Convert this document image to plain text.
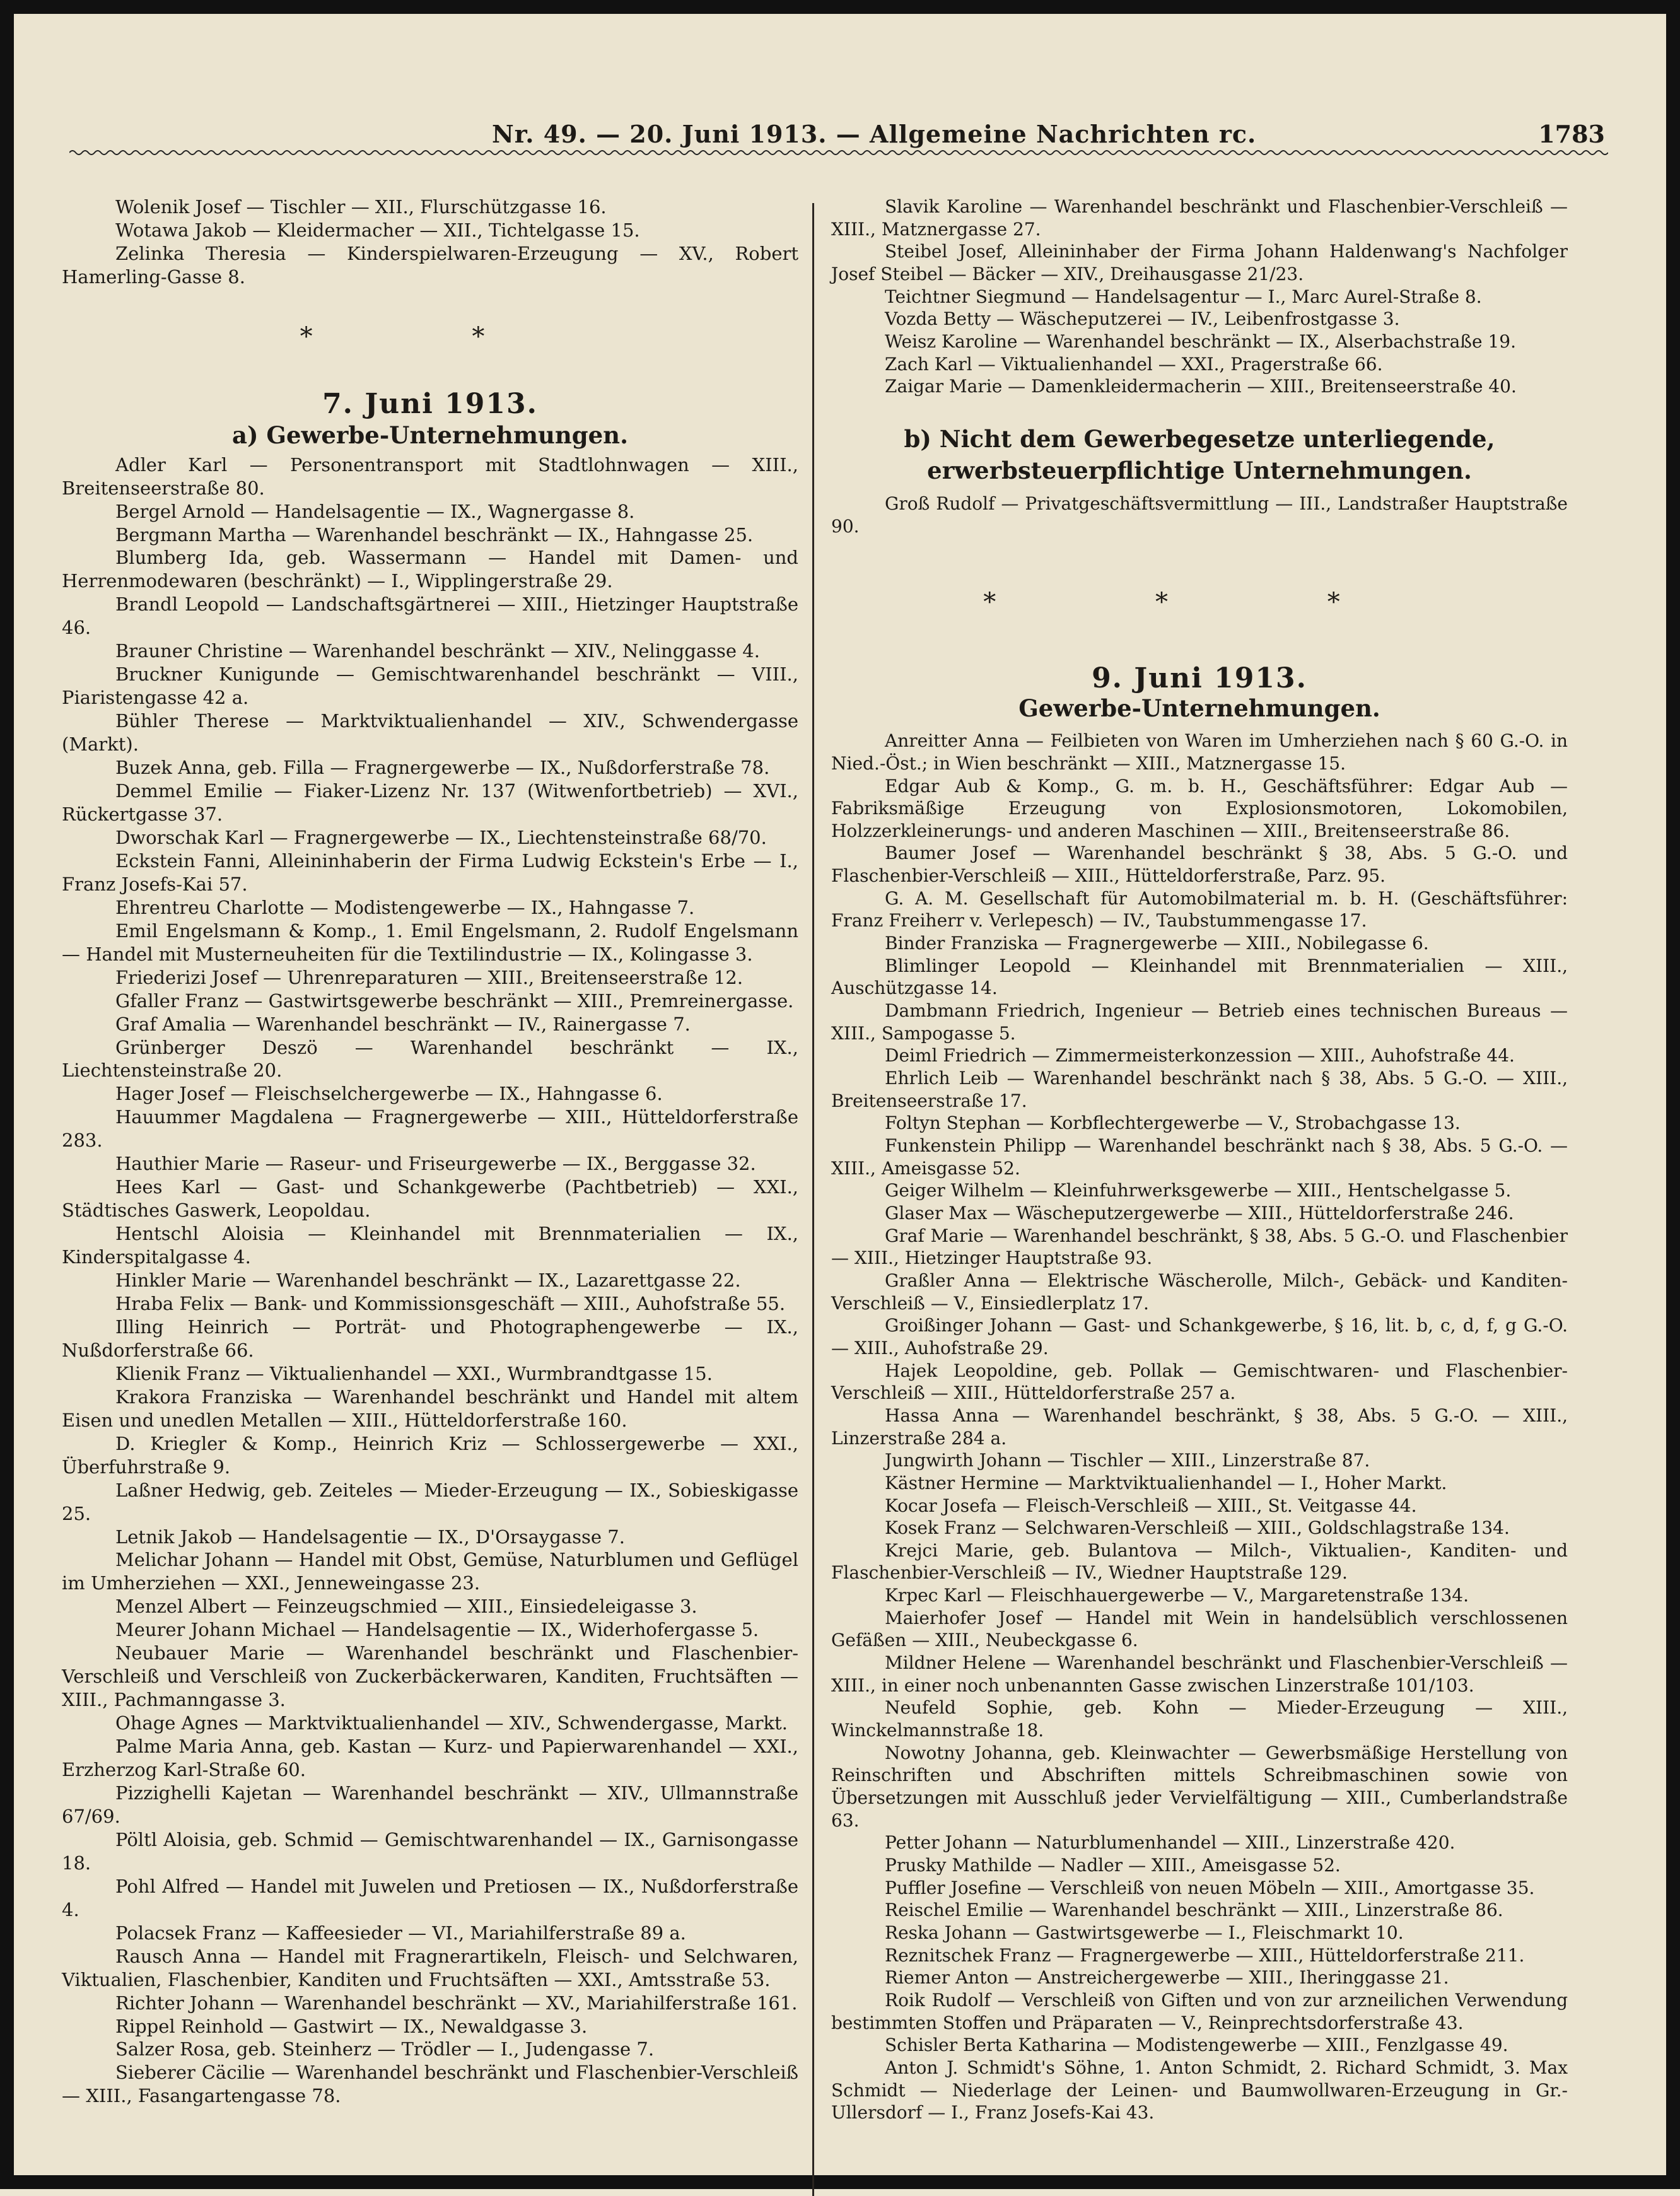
Nr. 49. — 20. Juni 1913. — Allgemeine Nachrichten rc.	1783

Wolenik Josef — Tischler — XII., Flurschützgasse 16.

Wotawa Jakob — Kleidermacher — XII., Tichtelgasse 15.

Zelinka Theresia — Kinderspielwaren-Erzeugung — XV., Robert Hamerling-Gasse 8.

* *

7. Juni 1913.

a) Gewerbe-Unternehmungen.

Adler Karl — Personentransport mit Stadtlohnwagen — XIII., Breitenseerstraße 80.

Bergel Arnold — Handelsagentie — IX., Wagnergasse 8.

Bergmann Martha — Warenhandel beschränkt — IX., Hahngasse 25.

Blumberg Ida, geb. Wassermann — Handel mit Damen- und Herrenmodewaren (beschränkt) — I., Wipplingerstraße 29.

Brandl Leopold — Landschaftsgärtnerei — XIII., Hietzinger Hauptstraße 46.

Brauner Christine — Warenhandel beschränkt — XIV., Nelinggasse 4.

Bruckner Kunigunde — Gemischtwarenhandel beschränkt — VIII., Piaristengasse 42 a.

Bühler Therese — Marktviktualienhandel — XIV., Schwendergasse (Markt).

Buzek Anna, geb. Filla — Fragnergewerbe — IX., Nußdorferstraße 78.

Demmel Emilie — Fiaker-Lizenz Nr. 137 (Witwenfortbetrieb) — XVI., Rückertgasse 37.

Dworschak Karl — Fragnergewerbe — IX., Liechtensteinstraße 68/70.

Eckstein Fanni, Alleininhaberin der Firma Ludwig Eckstein's Erbe — I., Franz Josefs-Kai 57.

Ehrentreu Charlotte — Modistengewerbe — IX., Hahngasse 7.

Emil Engelsmann & Komp., 1. Emil Engelsmann, 2. Rudolf Engelsmann — Handel mit Musterneuheiten für die Textilindustrie — IX., Kolingasse 3.

Friederizi Josef — Uhrenreparaturen — XIII., Breitenseerstraße 12.

Gfaller Franz — Gastwirtsgewerbe beschränkt — XIII., Premreinergasse.

Graf Amalia — Warenhandel beschränkt — IV., Rainergasse 7.

Grünberger Deszö — Warenhandel beschränkt — IX., Liechtensteinstraße 20.

Hager Josef — Fleischselchergewerbe — IX., Hahngasse 6.

Hauummer Magdalena — Fragnergewerbe — XIII., Hütteldorferstraße 283.

Hauthier Marie — Raseur- und Friseurgewerbe — IX., Berggasse 32.

Hees Karl — Gast- und Schankgewerbe (Pachtbetrieb) — XXI., Städtisches Gaswerk, Leopoldau.

Hentschl Aloisia — Kleinhandel mit Brennmaterialien — IX., Kinderspitalgasse 4.

Hinkler Marie — Warenhandel beschränkt — IX., Lazarettgasse 22.

Hraba Felix — Bank- und Kommissionsgeschäft — XIII., Auhofstraße 55.

Illing Heinrich — Porträt- und Photographengewerbe — IX., Nußdorferstraße 66.

Klienik Franz — Viktualienhandel — XXI., Wurmbrandtgasse 15.

Krakora Franziska — Warenhandel beschränkt und Handel mit altem Eisen und unedlen Metallen — XIII., Hütteldorferstraße 160.

D. Kriegler & Komp., Heinrich Kriz — Schlossergewerbe — XXI., Überfuhrstraße 9.

Laßner Hedwig, geb. Zeiteles — Mieder-Erzeugung — IX., Sobieskigasse 25.

Letnik Jakob — Handelsagentie — IX., D'Orsaygasse 7.

Melichar Johann — Handel mit Obst, Gemüse, Naturblumen und Geflügel im Umherziehen — XXI., Jenneweingasse 23.

Menzel Albert — Feinzeugschmied — XIII., Einsiedeleigasse 3.

Meurer Johann Michael — Handelsagentie — IX., Widerhofergasse 5.

Neubauer Marie — Warenhandel beschränkt und Flaschenbier-Verschleiß und Verschleiß von Zuckerbäckerwaren, Kanditen, Fruchtsäften — XIII., Pachmanngasse 3.

Ohage Agnes — Marktviktualienhandel — XIV., Schwendergasse, Markt.

Palme Maria Anna, geb. Kastan — Kurz- und Papierwarenhandel — XXI., Erzherzog Karl-Straße 60.

Pizzighelli Kajetan — Warenhandel beschränkt — XIV., Ullmannstraße 67/69.

Pöltl Aloisia, geb. Schmid — Gemischtwarenhandel — IX., Garnisongasse 18.

Pohl Alfred — Handel mit Juwelen und Pretiosen — IX., Nußdorferstraße 4.

Polacsek Franz — Kaffeesieder — VI., Mariahilferstraße 89 a.

Rausch Anna — Handel mit Fragnerartikeln, Fleisch- und Selchwaren, Viktualien, Flaschenbier, Kanditen und Fruchtsäften — XXI., Amtsstraße 53.

Richter Johann — Warenhandel beschränkt — XV., Mariahilferstraße 161.

Rippel Reinhold — Gastwirt — IX., Newaldgasse 3.

Salzer Rosa, geb. Steinherz — Trödler — I., Judengasse 7.

Sieberer Cäcilie — Warenhandel beschränkt und Flaschenbier-Verschleiß — XIII., Fasangartengasse 78.

Slavik Karoline — Warenhandel beschränkt und Flaschenbier-Verschleiß — XIII., Matznergasse 27.

Steibel Josef, Alleininhaber der Firma Johann Haldenwang's Nachfolger Josef Steibel — Bäcker — XIV., Dreihausgasse 21/23.

Teichtner Siegmund — Handelsagentur — I., Marc Aurel-Straße 8.

Vozda Betty — Wäscheputzerei — IV., Leibenfrostgasse 3.

Weisz Karoline — Warenhandel beschränkt — IX., Alserbachstraße 19.

Zach Karl — Viktualienhandel — XXI., Pragerstraße 66.

Zaigar Marie — Damenkleidermacherin — XIII., Breitenseerstraße 40.

b) Nicht dem Gewerbegesetze unterliegende, erwerbsteuerpflichtige Unternehmungen.

Groß Rudolf — Privatgeschäftsvermittlung — III., Landstraßer Hauptstraße 90.

* * *

9. Juni 1913.

Gewerbe-Unternehmungen.

Anreitter Anna — Feilbieten von Waren im Umherziehen nach § 60 G.-O. in Nied.-Öst.; in Wien beschränkt — XIII., Matznergasse 15.

Edgar Aub & Komp., G. m. b. H., Geschäftsführer: Edgar Aub — Fabriksmäßige Erzeugung von Explosionsmotoren, Lokomobilen, Holzzerkleinerungs- und anderen Maschinen — XIII., Breitenseerstraße 86.

Baumer Josef — Warenhandel beschränkt § 38, Abs. 5 G.-O. und Flaschenbier-Verschleiß — XIII., Hütteldorferstraße, Parz. 95.

G. A. M. Gesellschaft für Automobilmaterial m. b. H. (Geschäftsführer: Franz Freiherr v. Verlepesch) — IV., Taubstummengasse 17.

Binder Franziska — Fragnergewerbe — XIII., Nobilegasse 6.

Blimlinger Leopold — Kleinhandel mit Brennmaterialien — XIII., Auschützgasse 14.

Dambmann Friedrich, Ingenieur — Betrieb eines technischen Bureaus — XIII., Sampogasse 5.

Deiml Friedrich — Zimmermeisterkonzession — XIII., Auhofstraße 44.

Ehrlich Leib — Warenhandel beschränkt nach § 38, Abs. 5 G.-O. — XIII., Breitenseerstraße 17.

Foltyn Stephan — Korbflechtergewerbe — V., Strobachgasse 13.

Funkenstein Philipp — Warenhandel beschränkt nach § 38, Abs. 5 G.-O. — XIII., Ameisgasse 52.

Geiger Wilhelm — Kleinfuhrwerksgewerbe — XIII., Hentschelgasse 5.

Glaser Max — Wäscheputzergewerbe — XIII., Hütteldorferstraße 246.

Graf Marie — Warenhandel beschränkt, § 38, Abs. 5 G.-O. und Flaschenbier — XIII., Hietzinger Hauptstraße 93.

Graßler Anna — Elektrische Wäscherolle, Milch-, Gebäck- und Kanditen-Verschleiß — V., Einsiedlerplatz 17.

Groißinger Johann — Gast- und Schankgewerbe, § 16, lit. b, c, d, f, g G.-O. — XIII., Auhofstraße 29.

Hajek Leopoldine, geb. Pollak — Gemischtwaren- und Flaschenbier-Verschleiß — XIII., Hütteldorferstraße 257 a.

Hassa Anna — Warenhandel beschränkt, § 38, Abs. 5 G.-O. — XIII., Linzerstraße 284 a.

Jungwirth Johann — Tischler — XIII., Linzerstraße 87.

Kästner Hermine — Marktviktualienhandel — I., Hoher Markt.

Kocar Josefa — Fleisch-Verschleiß — XIII., St. Veitgasse 44.

Kosek Franz — Selchwaren-Verschleiß — XIII., Goldschlagstraße 134.

Krejci Marie, geb. Bulantova — Milch-, Viktualien-, Kanditen- und Flaschenbier-Verschleiß — IV., Wiedner Hauptstraße 129.

Krpec Karl — Fleischhauergewerbe — V., Margaretenstraße 134.

Maierhofer Josef — Handel mit Wein in handelsüblich verschlossenen Gefäßen — XIII., Neubeckgasse 6.

Mildner Helene — Warenhandel beschränkt und Flaschenbier-Verschleiß — XIII., in einer noch unbenannten Gasse zwischen Linzerstraße 101/103.

Neufeld Sophie, geb. Kohn — Mieder-Erzeugung — XIII., Winckelmannstraße 18.

Nowotny Johanna, geb. Kleinwachter — Gewerbsmäßige Herstellung von Reinschriften und Abschriften mittels Schreibmaschinen sowie von Übersetzungen mit Ausschluß jeder Vervielfältigung — XIII., Cumberlandstraße 63.

Petter Johann — Naturblumenhandel — XIII., Linzerstraße 420.

Prusky Mathilde — Nadler — XIII., Ameisgasse 52.

Puffler Josefine — Verschleiß von neuen Möbeln — XIII., Amortgasse 35.

Reischel Emilie — Warenhandel beschränkt — XIII., Linzerstraße 86.

Reska Johann — Gastwirtsgewerbe — I., Fleischmarkt 10.

Reznitschek Franz — Fragnergewerbe — XIII., Hütteldorferstraße 211.

Riemer Anton — Anstreichergewerbe — XIII., Iheringgasse 21.

Roik Rudolf — Verschleiß von Giften und von zur arzneilichen Verwendung bestimmten Stoffen und Präparaten — V., Reinprechtsdorferstraße 43.

Schisler Berta Katharina — Modistengewerbe — XIII., Fenzlgasse 49.

Anton J. Schmidt's Söhne, 1. Anton Schmidt, 2. Richard Schmidt, 3. Max Schmidt — Niederlage der Leinen- und Baumwollwaren-Erzeugung in Gr.-Ullersdorf — I., Franz Josefs-Kai 43.
